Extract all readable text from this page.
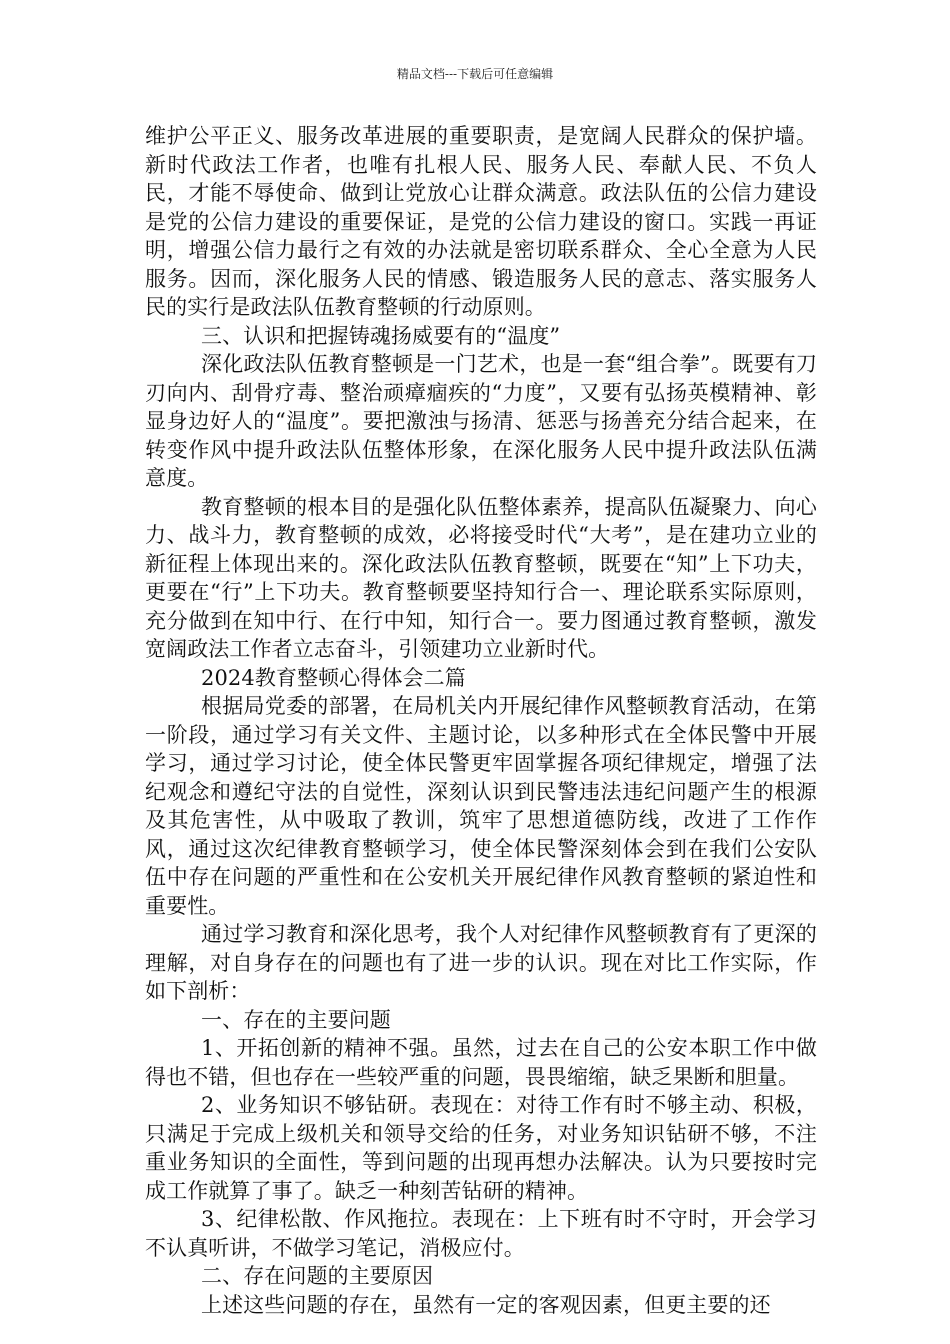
精品文档---下载后可任意编辑

维护公平正义、服务改革进展的重要职责，是宽阔人民群众的保护墙。新时代政法工作者，也唯有扎根人民、服务人民、奉献人民、不负人民，才能不辱使命、做到让党放心让群众满意。政法队伍的公信力建设是党的公信力建设的重要保证，是党的公信力建设的窗口。实践一再证明，增强公信力最行之有效的办法就是密切联系群众、全心全意为人民服务。因而，深化服务人民的情感、锻造服务人民的意志、落实服务人民的实行是政法队伍教育整顿的行动原则。

三、认识和把握铸魂扬威要有的“温度”

深化政法队伍教育整顿是一门艺术，也是一套“组合拳”。既要有刀刃向内、刮骨疗毒、整治顽瘴痼疾的“力度”，又要有弘扬英模精神、彰显身边好人的“温度”。要把激浊与扬清、惩恶与扬善充分结合起来，在转变作风中提升政法队伍整体形象，在深化服务人民中提升政法队伍满意度。

教育整顿的根本目的是强化队伍整体素养，提高队伍凝聚力、向心力、战斗力，教育整顿的成效，必将接受时代“大考”，是在建功立业的新征程上体现出来的。深化政法队伍教育整顿，既要在“知”上下功夫，更要在“行”上下功夫。教育整顿要坚持知行合一、理论联系实际原则，充分做到在知中行、在行中知，知行合一。要力图通过教育整顿，激发宽阔政法工作者立志奋斗，引领建功立业新时代。

2024教育整顿心得体会二篇

根据局党委的部署，在局机关内开展纪律作风整顿教育活动，在第一阶段，通过学习有关文件、主题讨论，以多种形式在全体民警中开展学习，通过学习讨论，使全体民警更牢固掌握各项纪律规定，增强了法纪观念和遵纪守法的自觉性，深刻认识到民警违法违纪问题产生的根源及其危害性，从中吸取了教训，筑牢了思想道德防线，改进了工作作风，通过这次纪律教育整顿学习，使全体民警深刻体会到在我们公安队伍中存在问题的严重性和在公安机关开展纪律作风教育整顿的紧迫性和重要性。

通过学习教育和深化思考，我个人对纪律作风整顿教育有了更深的理解，对自身存在的问题也有了进一步的认识。现在对比工作实际，作如下剖析：

一、存在的主要问题

1、开拓创新的精神不强。虽然，过去在自己的公安本职工作中做得也不错，但也存在一些较严重的问题，畏畏缩缩，缺乏果断和胆量。

2、业务知识不够钻研。表现在：对待工作有时不够主动、积极，只满足于完成上级机关和领导交给的任务，对业务知识钻研不够，不注重业务知识的全面性，等到问题的出现再想办法解决。认为只要按时完成工作就算了事了。缺乏一种刻苦钻研的精神。

3、纪律松散、作风拖拉。表现在：上下班有时不守时，开会学习不认真听讲，不做学习笔记，消极应付。

二、存在问题的主要原因

上述这些问题的存在，虽然有一定的客观因素，但更主要的还
